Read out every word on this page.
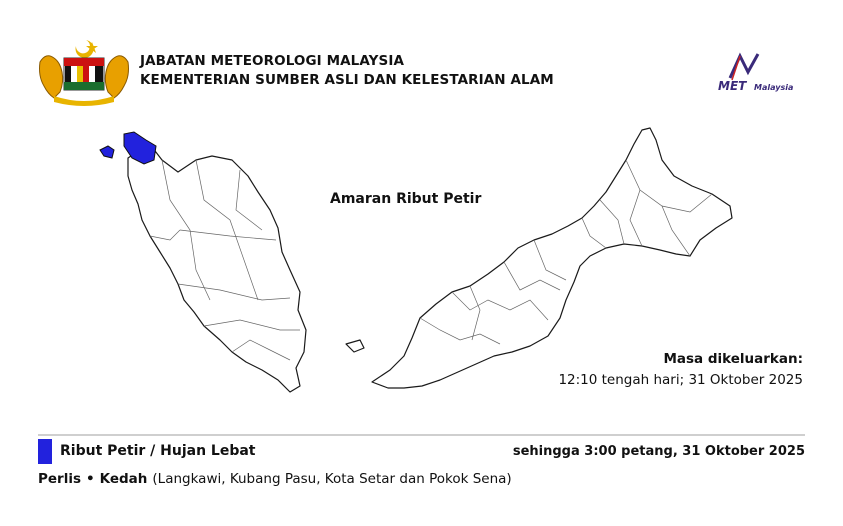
JABATAN METEOROLOGI MALAYSIA
KEMENTERIAN SUMBER ASLI DAN KELESTARIAN ALAM	MET Malaysia
Amaran Ribut Petir
Masa dikeluarkan:
12:10 tengah hari; 31 Oktober 2025
Ribut Petir / Hujan Lebat	sehingga 3:00 petang, 31 Oktober 2025
Perlis • Kedah (Langkawi, Kubang Pasu, Kota Setar dan Pokok Sena)
